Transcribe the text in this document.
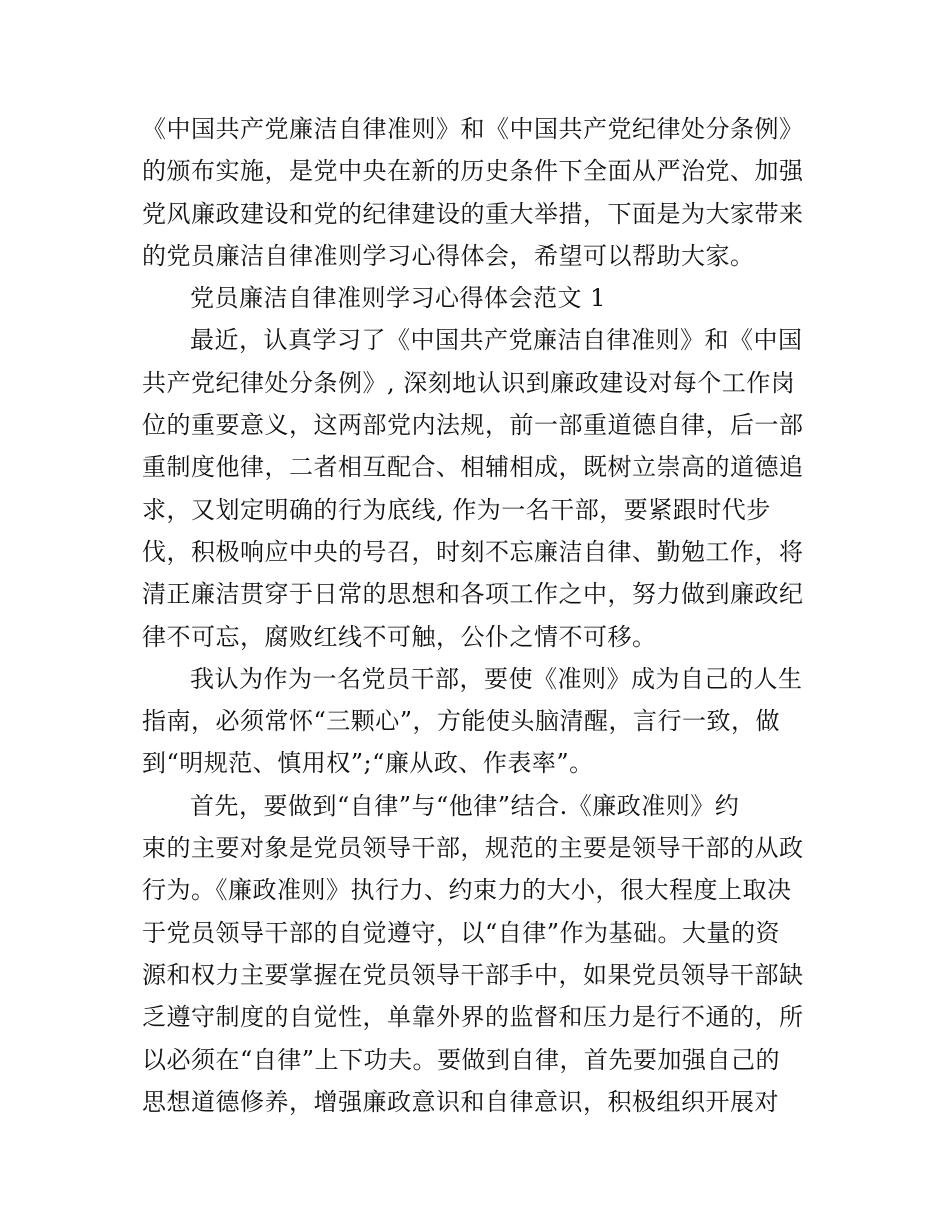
《中国共产党廉洁自律准则》和《中国共产党纪律处分条例》
的颁布实施，是党中央在新的历史条件下全面从严治党、加强
党风廉政建设和党的纪律建设的重大举措，下面是为大家带来
的党员廉洁自律准则学习心得体会，希望可以帮助大家。
党员廉洁自律准则学习心得体会范文 1
最近，认真学习了《中国共产党廉洁自律准则》和《中国
共产党纪律处分条例》, 深刻地认识到廉政建设对每个工作岗
位的重要意义，这两部党内法规，前一部重道德自律，后一部
重制度他律，二者相互配合、相辅相成，既树立崇高的道德追
求，又划定明确的行为底线, 作为一名干部，要紧跟时代步
伐，积极响应中央的号召，时刻不忘廉洁自律、勤勉工作，将
清正廉洁贯穿于日常的思想和各项工作之中，努力做到廉政纪
律不可忘，腐败红线不可触，公仆之情不可移。
我认为作为一名党员干部，要使《准则》成为自己的人生
指南，必须常怀“三颗心”，方能使头脑清醒，言行一致，做
到“明规范、慎用权”;“廉从政、作表率”。
首先，要做到“自律”与“他律”结合.《廉政准则》约
束的主要对象是党员领导干部，规范的主要是领导干部的从政
行为。《廉政准则》执行力、约束力的大小，很大程度上取决
于党员领导干部的自觉遵守，以“自律”作为基础。大量的资
源和权力主要掌握在党员领导干部手中，如果党员领导干部缺
乏遵守制度的自觉性，单靠外界的监督和压力是行不通的，所
以必须在“自律”上下功夫。要做到自律，首先要加强自己的
思想道德修养，增强廉政意识和自律意识，积极组织开展对
